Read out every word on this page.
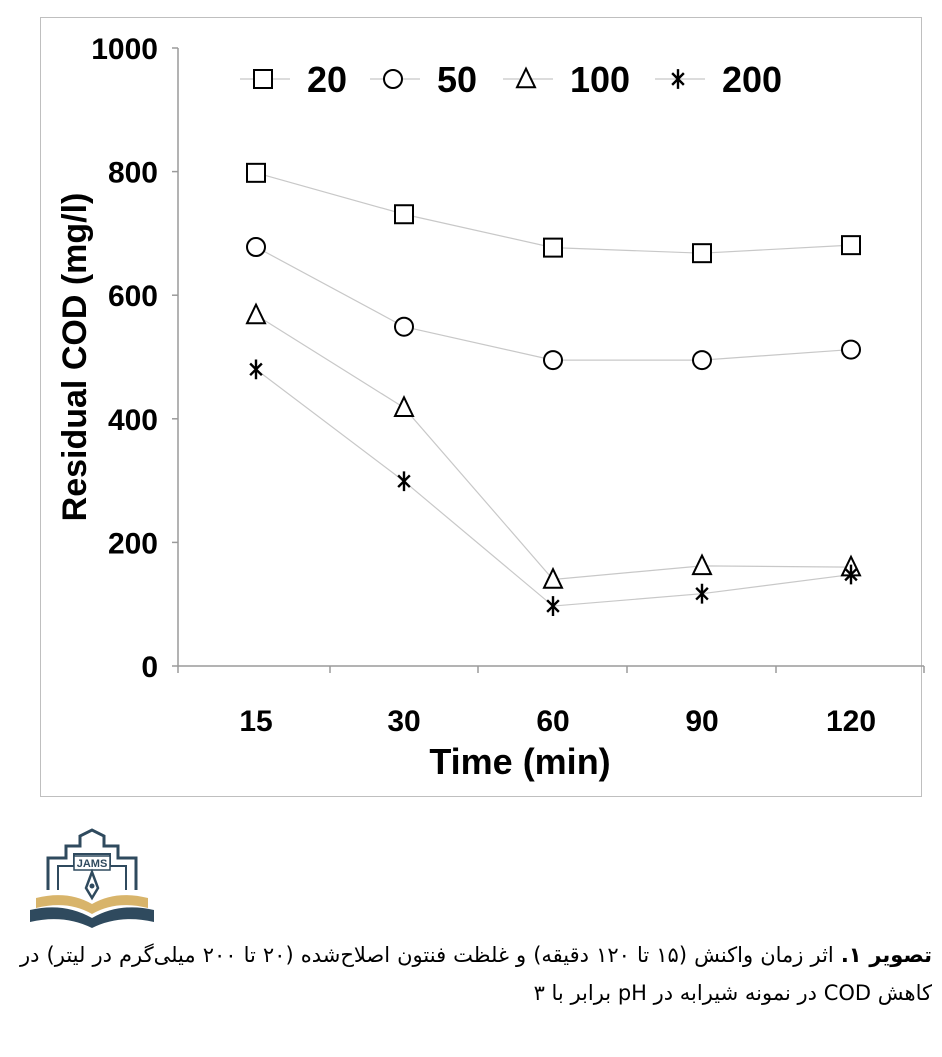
0
200
400
600
800
1000
15	30	60	90	120
20 50	100	200
Time (min)
Residual COD (mg/l)
JAMS
تصویر ۱. اثر زمان واکنش (۱۵ تا ۱۲۰ دقیقه) و غلظت فنتون اصلاح‌شده (۲۰ تا ۲۰۰ میلی‌گرم در لیتر) در کاهش COD در نمونه شیرابه در pH برابر با ۳
